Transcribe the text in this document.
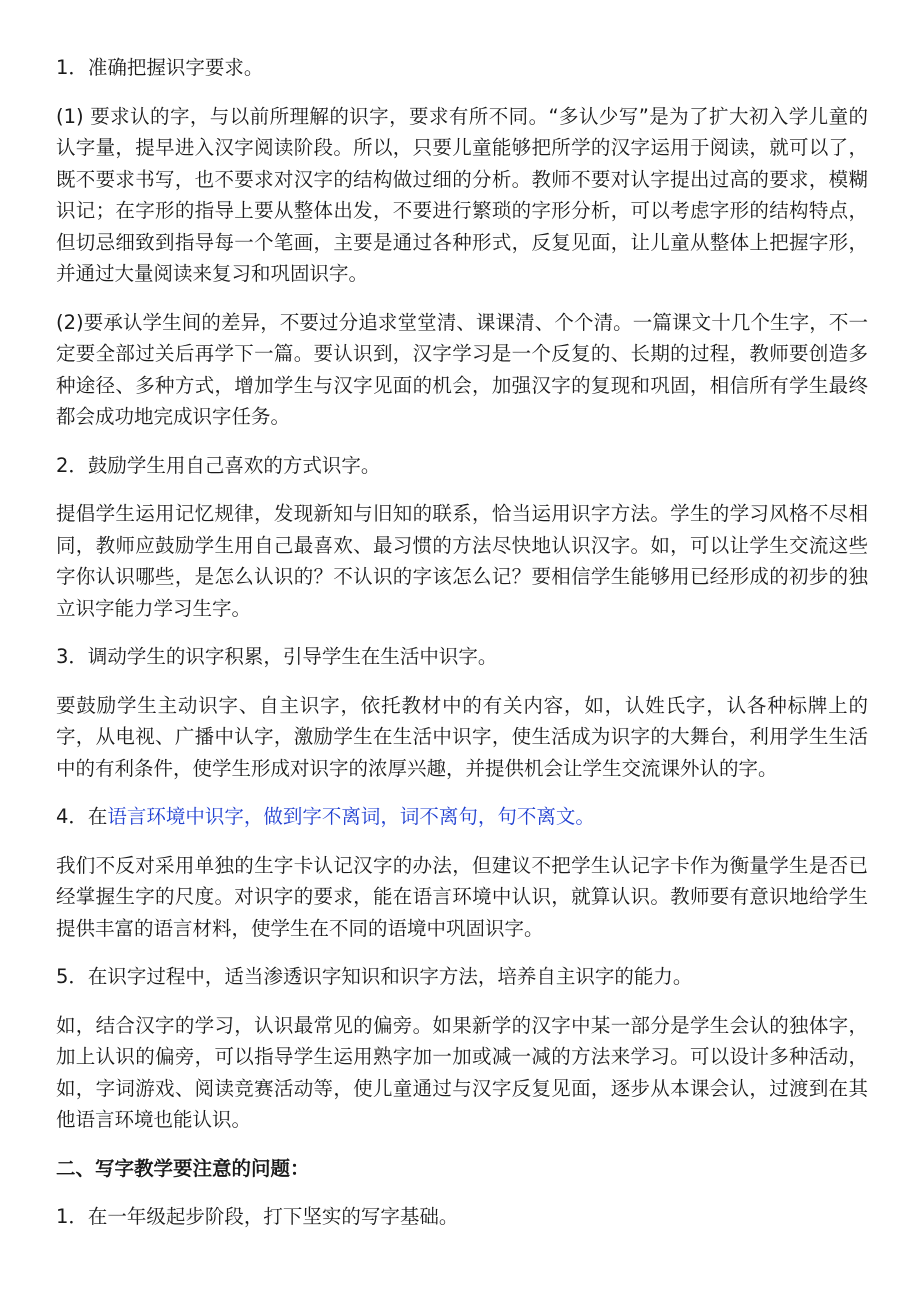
1．准确把握识字要求。

(1) 要求认的字，与以前所理解的识字，要求有所不同。“多认少写”是为了扩大初入学儿童的认字量，提早进入汉字阅读阶段。所以，只要儿童能够把所学的汉字运用于阅读，就可以了，既不要求书写，也不要求对汉字的结构做过细的分析。教师不要对认字提出过高的要求，模糊识记；在字形的指导上要从整体出发，不要进行繁琐的字形分析，可以考虑字形的结构特点，但切忌细致到指导每一个笔画，主要是通过各种形式，反复见面，让儿童从整体上把握字形，并通过大量阅读来复习和巩固识字。

(2)要承认学生间的差异，不要过分追求堂堂清、课课清、个个清。一篇课文十几个生字，不一定要全部过关后再学下一篇。要认识到，汉字学习是一个反复的、长期的过程，教师要创造多种途径、多种方式，增加学生与汉字见面的机会，加强汉字的复现和巩固，相信所有学生最终都会成功地完成识字任务。

2．鼓励学生用自己喜欢的方式识字。

提倡学生运用记忆规律，发现新知与旧知的联系，恰当运用识字方法。学生的学习风格不尽相同，教师应鼓励学生用自己最喜欢、最习惯的方法尽快地认识汉字。如，可以让学生交流这些字你认识哪些，是怎么认识的？不认识的字该怎么记？要相信学生能够用已经形成的初步的独立识字能力学习生字。

3．调动学生的识字积累，引导学生在生活中识字。

要鼓励学生主动识字、自主识字，依托教材中的有关内容，如，认姓氏字，认各种标牌上的字，从电视、广播中认字，激励学生在生活中识字，使生活成为识字的大舞台，利用学生生活中的有利条件，使学生形成对识字的浓厚兴趣，并提供机会让学生交流课外认的字。

4．在语言环境中识字，做到字不离词，词不离句，句不离文。

我们不反对采用单独的生字卡认记汉字的办法，但建议不把学生认记字卡作为衡量学生是否已经掌握生字的尺度。对识字的要求，能在语言环境中认识，就算认识。教师要有意识地给学生提供丰富的语言材料，使学生在不同的语境中巩固识字。

5．在识字过程中，适当渗透识字知识和识字方法，培养自主识字的能力。

如，结合汉字的学习，认识最常见的偏旁。如果新学的汉字中某一部分是学生会认的独体字，加上认识的偏旁，可以指导学生运用熟字加一加或减一减的方法来学习。可以设计多种活动，如，字词游戏、阅读竞赛活动等，使儿童通过与汉字反复见面，逐步从本课会认，过渡到在其他语言环境也能认识。

二、写字教学要注意的问题：

1．在一年级起步阶段，打下坚实的写字基础。
